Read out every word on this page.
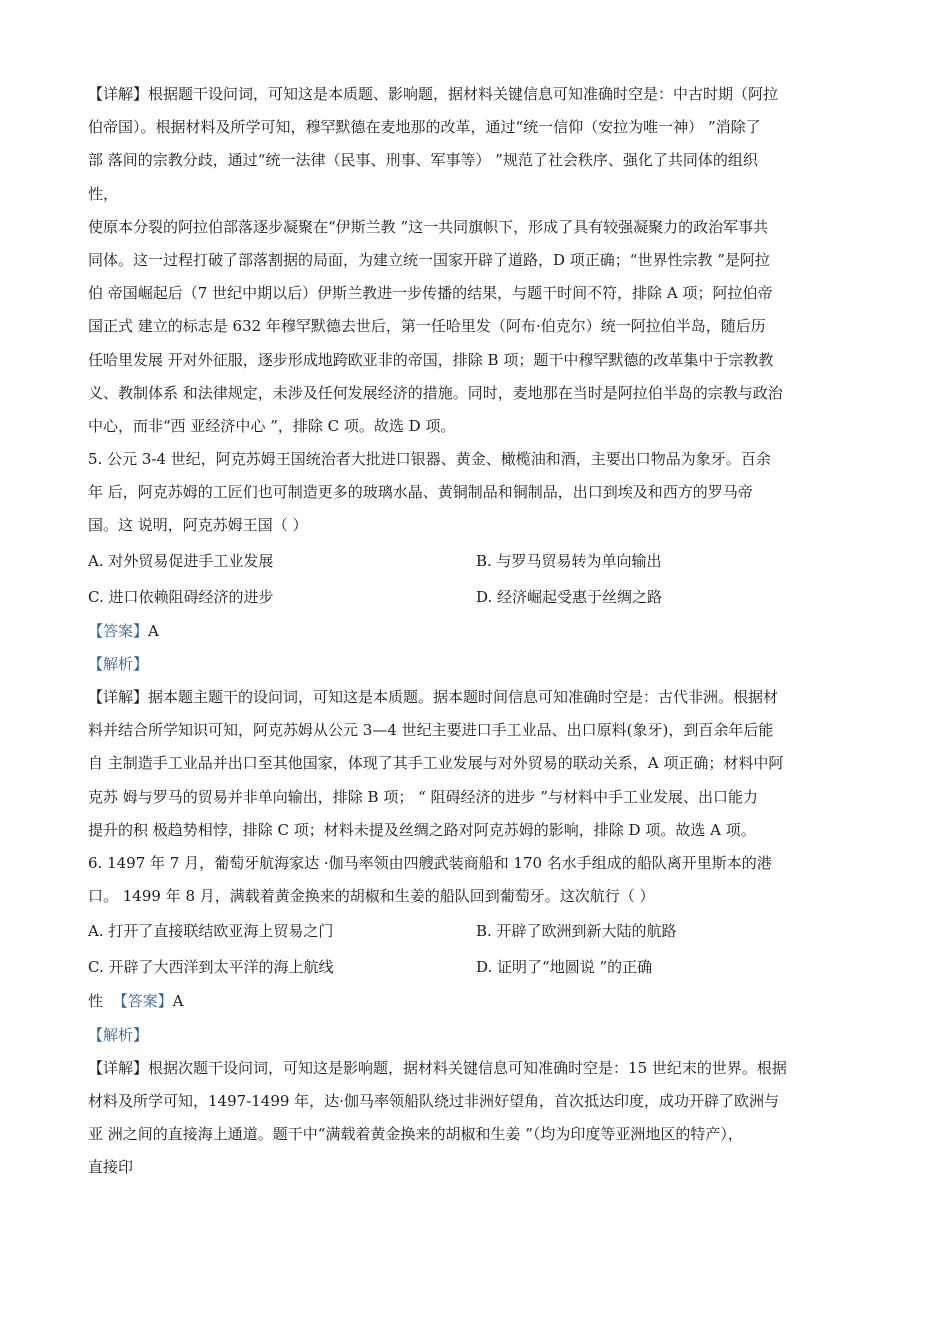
【详解】根据题干设问词，可知这是本质题、影响题，据材料关键信息可知准确时空是：中古时期（阿拉
伯帝国）。根据材料及所学可知，穆罕默德在麦地那的改革，通过“统一信仰（安拉为唯一神） ”消除了
部 落间的宗教分歧，通过“统一法律（民事、刑事、军事等） ”规范了社会秩序、强化了共同体的组织
性，
使原本分裂的阿拉伯部落逐步凝聚在“伊斯兰教 ”这一共同旗帜下，形成了具有较强凝聚力的政治军事共
同体。这一过程打破了部落割据的局面，为建立统一国家开辟了道路，D 项正确；“世界性宗教 ”是阿拉
伯 帝国崛起后（7 世纪中期以后）伊斯兰教进一步传播的结果，与题干时间不符，排除 A 项；阿拉伯帝
国正式 建立的标志是 632 年穆罕默德去世后，第一任哈里发（阿布·伯克尔）统一阿拉伯半岛，随后历
任哈里发展 开对外征服，逐步形成地跨欧亚非的帝国，排除 B 项；题干中穆罕默德的改革集中于宗教教
义、教制体系 和法律规定，未涉及任何发展经济的措施。同时，麦地那在当时是阿拉伯半岛的宗教与政治
中心，而非“西 亚经济中心 ”，排除 C 项。故选 D 项。
5. 公元 3-4 世纪，阿克苏姆王国统治者大批进口银器、黄金、橄榄油和酒，主要出口物品为象牙。百余
年 后，阿克苏姆的工匠们也可制造更多的玻璃水晶、黄铜制品和铜制品，出口到埃及和西方的罗马帝
国。这 说明，阿克苏姆王国（ ）
A. 对外贸易促进手工业发展	B. 与罗马贸易转为单向输出
C. 进口依赖阻碍经济的进步	D. 经济崛起受惠于丝绸之路
【答案】A
【解析】
【详解】据本题主题干的设问词，可知这是本质题。据本题时间信息可知准确时空是：古代非洲。根据材
料并结合所学知识可知，阿克苏姆从公元 3—4 世纪主要进口手工业品、出口原料(象牙)，到百余年后能
自 主制造手工业品并出口至其他国家，体现了其手工业发展与对外贸易的联动关系，A 项正确；材料中阿
克苏 姆与罗马的贸易并非单向输出，排除 B 项； “ 阻碍经济的进步 ”与材料中手工业发展、出口能力
提升的积 极趋势相悖，排除 C 项；材料未提及丝绸之路对阿克苏姆的影响，排除 D 项。故选 A 项。
6. 1497 年 7 月，葡萄牙航海家达 ·伽马率领由四艘武装商船和 170 名水手组成的船队离开里斯本的港
口。 1499 年 8 月，满载着黄金换来的胡椒和生姜的船队回到葡萄牙。这次航行（ ）
A. 打开了直接联结欧亚海上贸易之门	B. 开辟了欧洲到新大陆的航路
C. 开辟了大西洋到太平洋的海上航线	D. 证明了“地圆说 ”的正确
性 【答案】A
【解析】
【详解】根据次题干设问词，可知这是影响题，据材料关键信息可知准确时空是：15 世纪末的世界。根据
材料及所学可知，1497-1499 年，达·伽马率领船队绕过非洲好望角，首次抵达印度，成功开辟了欧洲与
亚 洲之间的直接海上通道。题干中“满载着黄金换来的胡椒和生姜 ”（均为印度等亚洲地区的特产），
直接印
